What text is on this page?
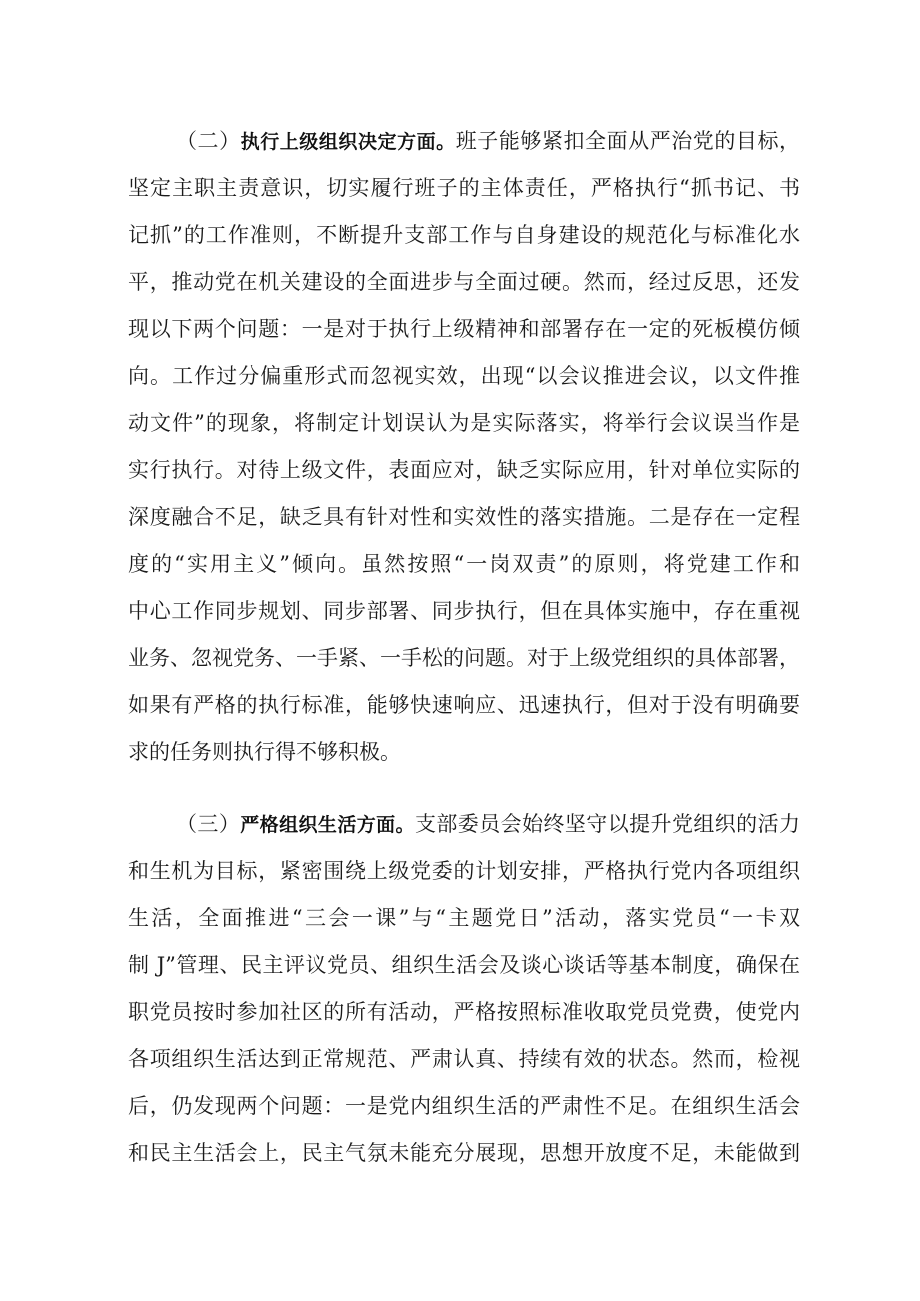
（二）执行上级组织决定方面。班子能够紧扣全面从严治党的目标，
坚定主职主责意识，切实履行班子的主体责任，严格执行“抓书记、书
记抓”的工作准则，不断提升支部工作与自身建设的规范化与标准化水
平，推动党在机关建设的全面进步与全面过硬。然而，经过反思，还发
现以下两个问题：一是对于执行上级精神和部署存在一定的死板模仿倾
向。工作过分偏重形式而忽视实效，出现“以会议推进会议，以文件推
动文件”的现象，将制定计划误认为是实际落实，将举行会议误当作是
实行执行。对待上级文件，表面应对，缺乏实际应用，针对单位实际的
深度融合不足，缺乏具有针对性和实效性的落实措施。二是存在一定程
度的“实用主义”倾向。虽然按照“一岗双责”的原则，将党建工作和
中心工作同步规划、同步部署、同步执行，但在具体实施中，存在重视
业务、忽视党务、一手紧、一手松的问题。对于上级党组织的具体部署，
如果有严格的执行标准，能够快速响应、迅速执行，但对于没有明确要
求的任务则执行得不够积极。
（三）严格组织生活方面。支部委员会始终坚守以提升党组织的活力
和生机为目标，紧密围绕上级党委的计划安排，严格执行党内各项组织
生活，全面推进“三会一课”与“主题党日”活动，落实党员“一卡双
制 J”管理、民主评议党员、组织生活会及谈心谈话等基本制度，确保在
职党员按时参加社区的所有活动，严格按照标准收取党员党费，使党内
各项组织生活达到正常规范、严肃认真、持续有效的状态。然而，检视
后，仍发现两个问题：一是党内组织生活的严肃性不足。在组织生活会
和民主生活会上，民主气氛未能充分展现，思想开放度不足，未能做到
